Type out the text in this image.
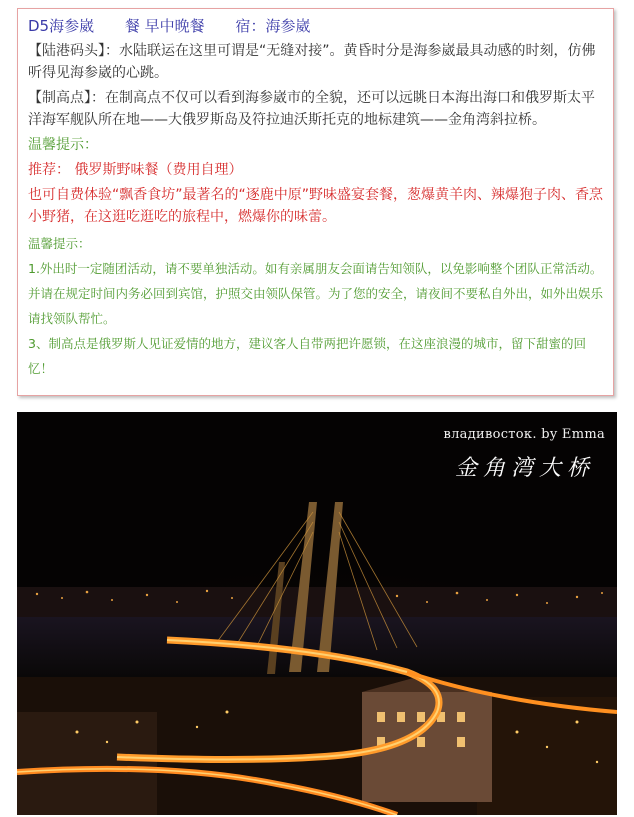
D5海参崴 餐 早中晚餐 宿：海参崴

【陆港码头】：水陆联运在这里可谓是“无缝对接”。黄昏时分是海参崴最具动感的时刻，仿佛听得见海参崴的心跳。

【制高点】：在制高点不仅可以看到海参崴市的全貌，还可以远眺日本海出海口和俄罗斯太平洋海军舰队所在地——大俄罗斯岛及符拉迪沃斯托克的地标建筑——金角湾斜拉桥。

温馨提示：

推荐： 俄罗斯野味餐（费用自理）

也可自费体验“飘香食坊”最著名的“逐鹿中原”野味盛宴套餐，葱爆黄羊肉、辣爆狍子肉、香烹小野猪，在这逛吃逛吃的旅程中，燃爆你的味蕾。

温馨提示：

1.外出时一定随团活动，请不要单独活动。如有亲属朋友会面请告知领队，以免影响整个团队正常活动。并请在规定时间内务必回到宾馆，护照交由领队保管。为了您的安全，请夜间不要私自外出，如外出娱乐请找领队帮忙。

3、制高点是俄罗斯人见证爱情的地方，建议客人自带两把许愿锁，在这座浪漫的城市，留下甜蜜的回忆！

владивосток. by Emma
金角湾大桥
